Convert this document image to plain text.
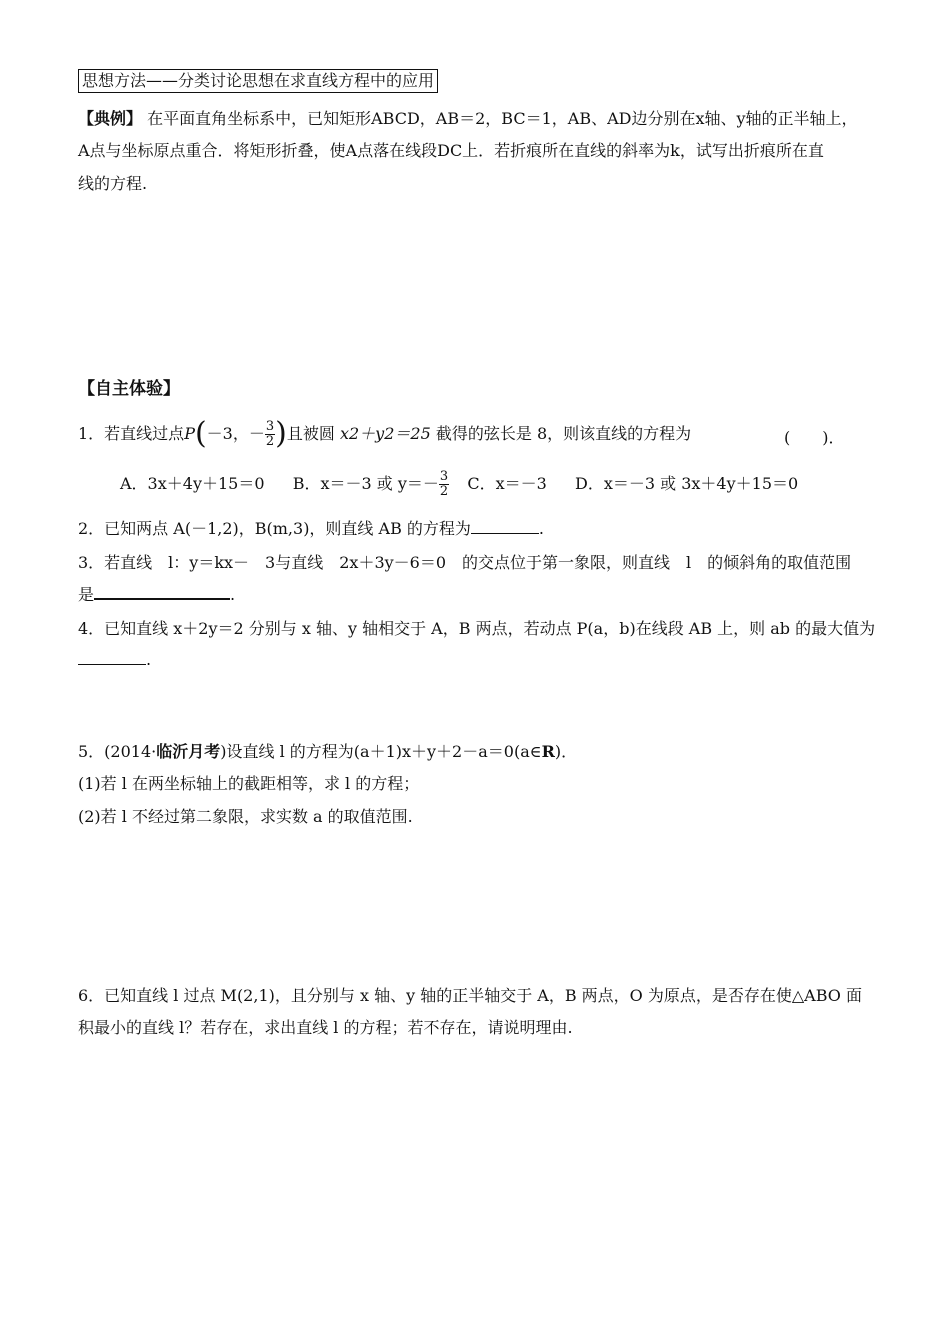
思想方法——分类讨论思想在求直线方程中的应用
【典例】 在平面直角坐标系中，已知矩形ABCD，AB＝2，BC＝1，AB、AD边分别在x轴、y轴的正半轴上，
A点与坐标原点重合．将矩形折叠，使A点落在线段DC上．若折痕所在直线的斜率为k，试写出折痕所在直
线的方程.
【自主体验】
1．若直线过点P(－3，－ $\frac{3}{2}$ )且被圆 x2＋y2＝25 截得的弦长是 8，则该直线的方程为	(　　)．
A．3x＋4y＋15＝0 B．x＝－3 或 $y=- \frac{3}{2}$ C．x＝－3 D．x＝－3 或 3x＋4y＋15＝0
2．已知两点 A(－1,2)，B(m,3)，则直线 AB 的方程为	.
3．若直线　l：y＝kx－　3与直线　2x＋3y－6＝0　的交点位于第一象限，则直线　l　的倾斜角的取值范围
是	.
4．已知直线 x＋2y＝2 分别与 x 轴、y 轴相交于 A，B 两点，若动点 P(a，b)在线段 AB 上，则 ab 的最大值为
.
5．(2014·临沂月考)设直线 l 的方程为(a＋1)x＋y＋2－a＝0(a∈R)．
(1)若 l 在两坐标轴上的截距相等，求 l 的方程；
(2)若 l 不经过第二象限，求实数 a 的取值范围.
6．已知直线 l 过点 M(2,1)，且分别与 x 轴、y 轴的正半轴交于 A，B 两点，O 为原点，是否存在使△ABO 面
积最小的直线 l？若存在，求出直线 l 的方程；若不存在，请说明理由.
